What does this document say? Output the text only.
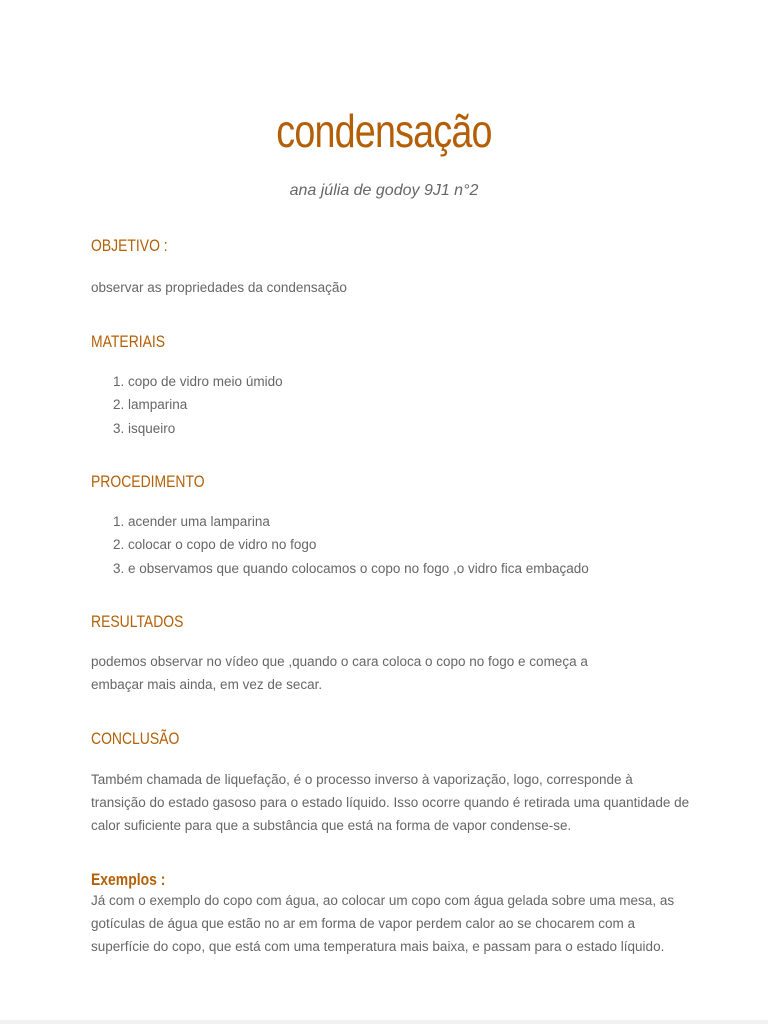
condensação
ana júlia de godoy 9J1 n°2
OBJETIVO :
observar as propriedades da condensação
MATERIAIS
1. copo de vidro meio úmido
2. lamparina
3. isqueiro
PROCEDIMENTO
1. acender uma lamparina
2. colocar o copo de vidro no fogo
3. e observamos que quando colocamos o copo no fogo ,o vidro fica embaçado
RESULTADOS
podemos observar no vídeo que ,quando o cara coloca o copo no fogo e começa a embaçar mais ainda, em vez de secar.
CONCLUSÃO
Também chamada de liquefação, é o processo inverso à vaporização, logo, corresponde à transição do estado gasoso para o estado líquido. Isso ocorre quando é retirada uma quantidade de calor suficiente para que a substância que está na forma de vapor condense-se.
Exemplos :
Já com o exemplo do copo com água, ao colocar um copo com água gelada sobre uma mesa, as gotículas de água que estão no ar em forma de vapor perdem calor ao se chocarem com a superfície do copo, que está com uma temperatura mais baixa, e passam para o estado líquido.
